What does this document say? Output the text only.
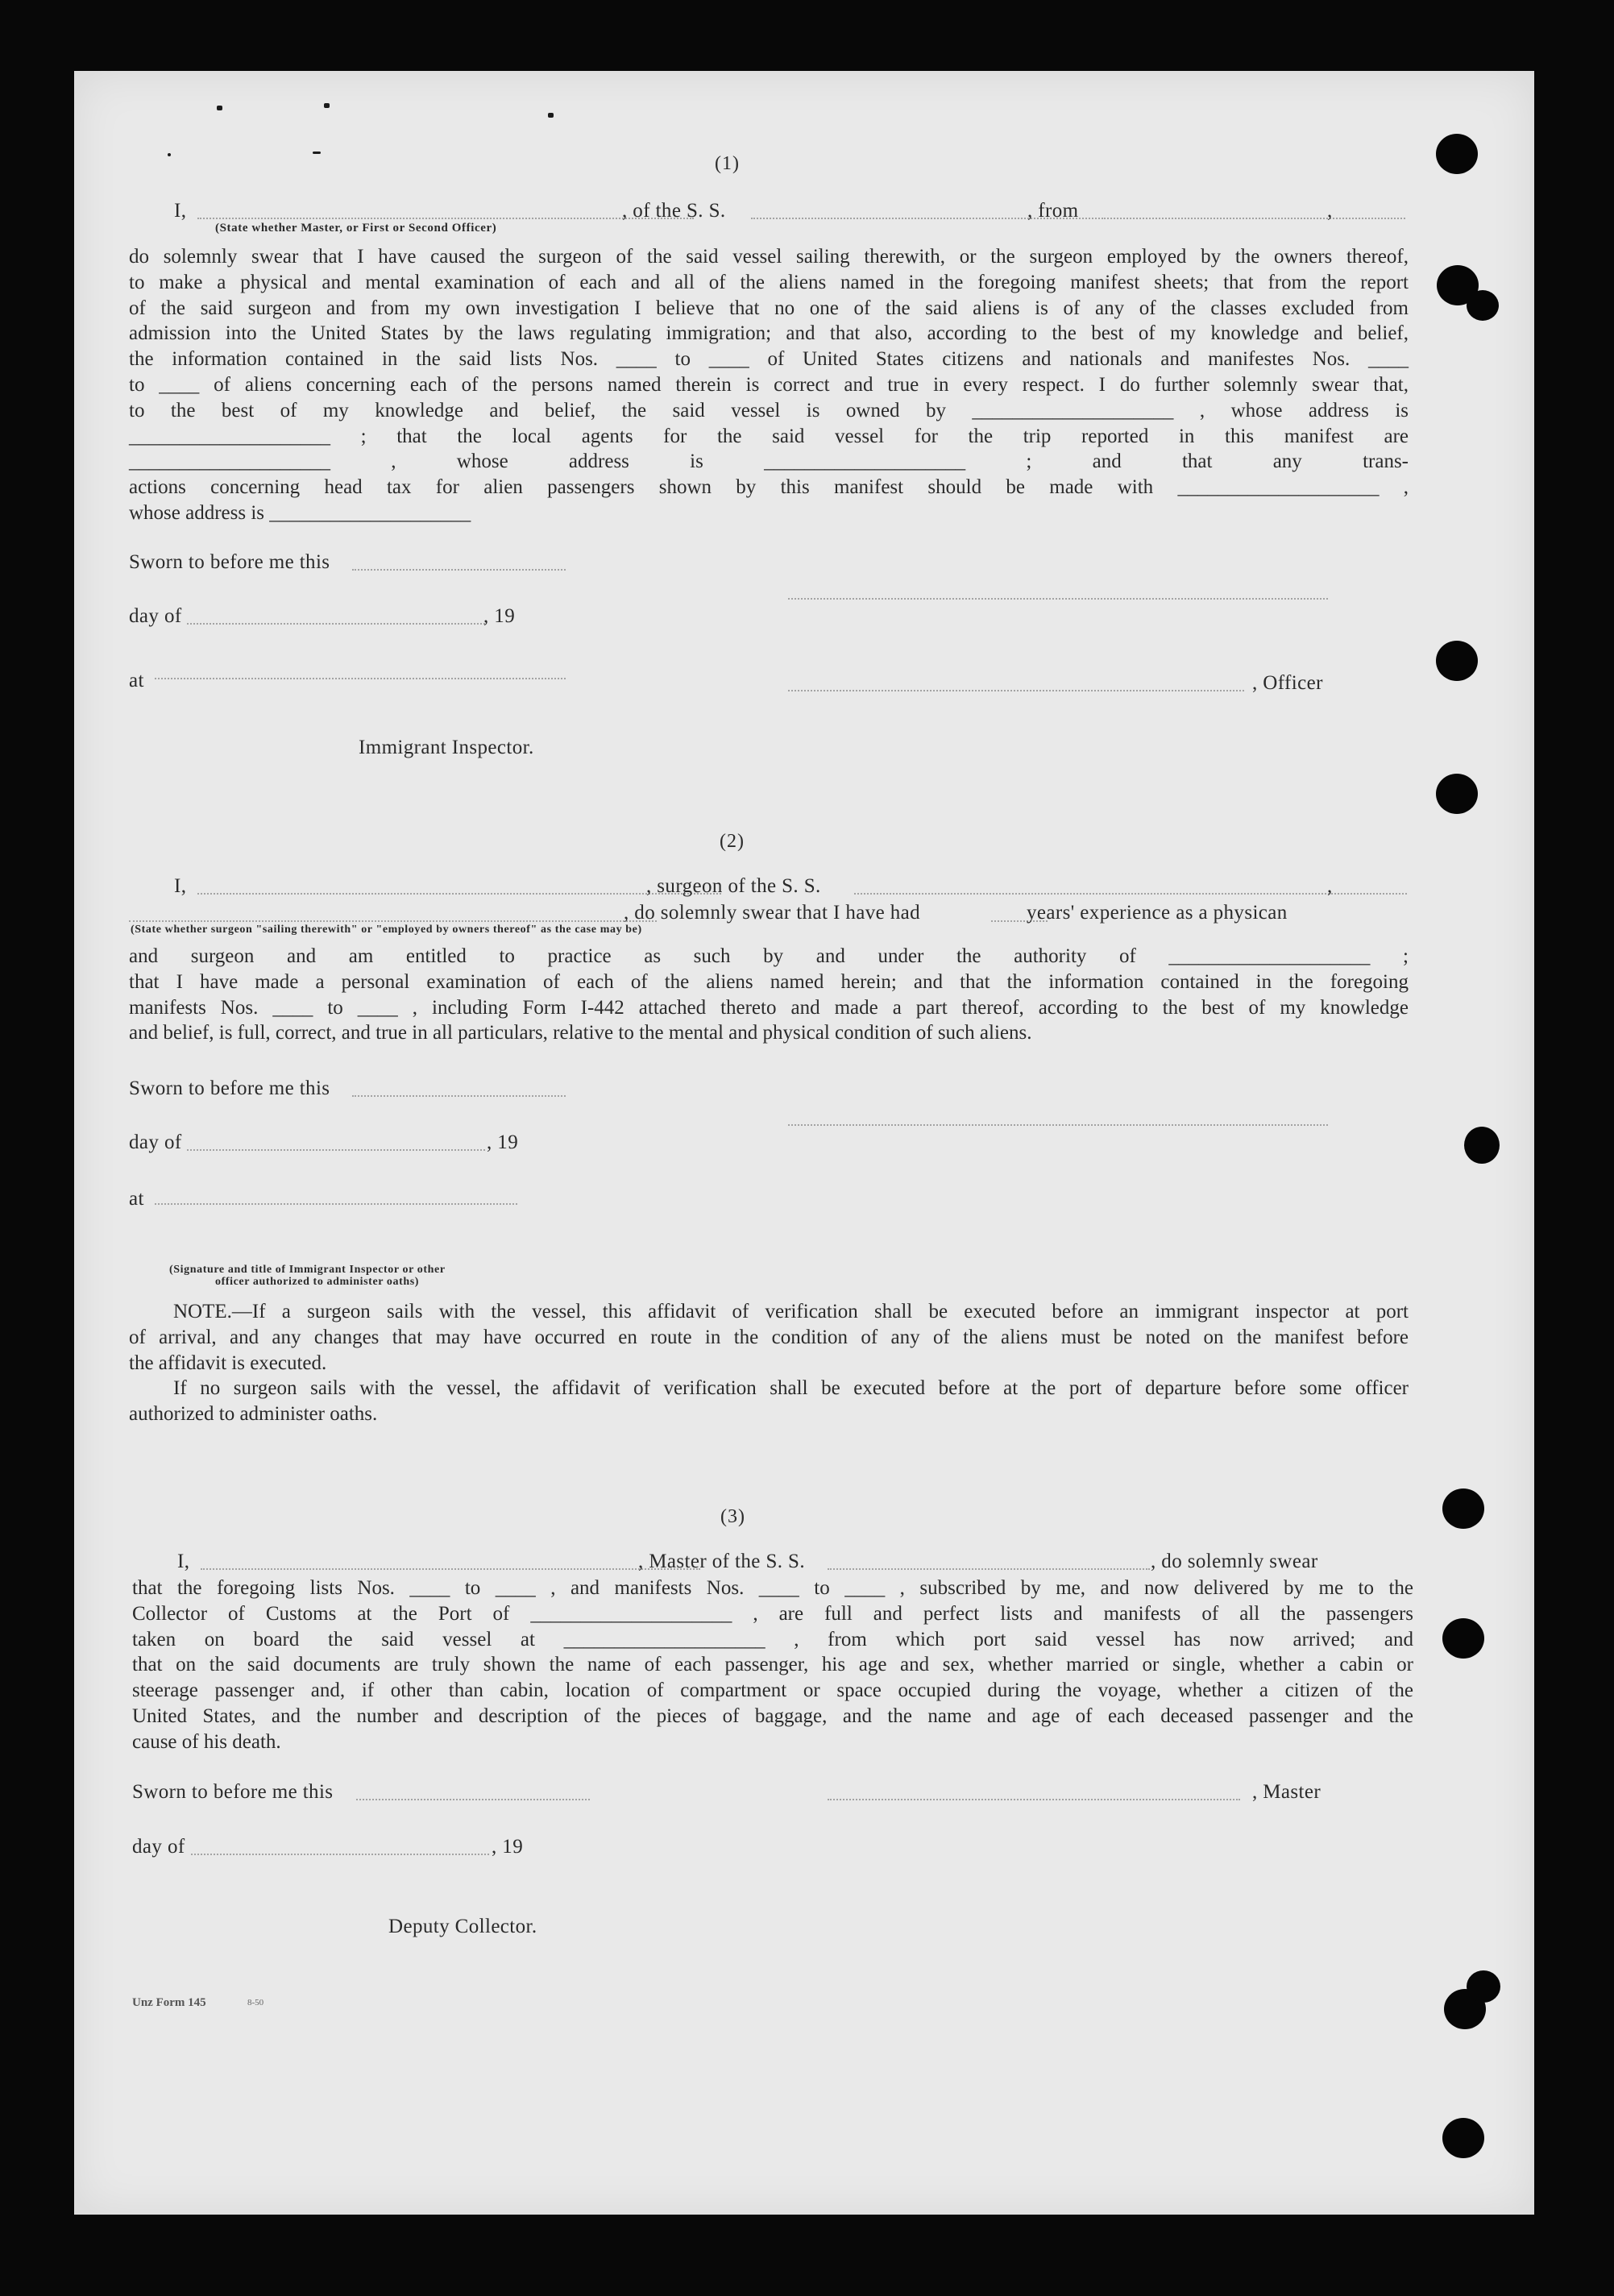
(1)
I,	, of the S. S.	, from	,
(State whether Master, or First or Second Officer)

do solemnly swear that I have caused the surgeon of the said vessel sailing therewith, or the surgeon employed by the owners thereof,

to make a physical and mental examination of each and all of the aliens named in the foregoing manifest sheets; that from the report

of the said surgeon and from my own investigation I believe that no one of the said aliens is of any of the classes excluded from

admission into the United States by the laws regulating immigration; and that also, according to the best of my knowledge and belief,

the information contained in the said lists Nos. ____ to ____ of United States citizens and nationals and manifestes Nos. ____

to ____ of aliens concerning each of the persons named therein is correct and true in every respect. I do further solemnly swear that,

to the best of my knowledge and belief, the said vessel is owned by ____________________ , whose address is

____________________ ; that the local agents for the said vessel for the trip reported in this manifest are

____________________ , whose address is ____________________ ; and that any trans-

actions concerning head tax for alien passengers shown by this manifest should be made with ____________________ ,

whose address is ____________________

Sworn to before me this
day of	, 19
at	, Officer
Immigrant Inspector.
(2)
I,	, surgeon of the S. S.	,
, do solemnly swear that I have had	years' experience as a physican
(State whether surgeon "sailing therewith" or "employed by owners thereof" as the case may be)

and surgeon and am entitled to practice as such by and under the authority of ____________________ ;

that I have made a personal examination of each of the aliens named herein; and that the information contained in the foregoing

manifests Nos. ____ to ____ , including Form I-442 attached thereto and made a part thereof, according to the best of my knowledge

and belief, is full, correct, and true in all particulars, relative to the mental and physical condition of such aliens.

Sworn to before me this
day of	, 19
at
(Signature and title of Immigrant Inspector or other
officer authorized to administer oaths)

NOTE.—If a surgeon sails with the vessel, this affidavit of verification shall be executed before an immigrant inspector at port

of arrival, and any changes that may have occurred en route in the condition of any of the aliens must be noted on the manifest before

the affidavit is executed.

If no surgeon sails with the vessel, the affidavit of verification shall be executed before at the port of departure before some officer

authorized to administer oaths.

(3)
I,	, Master of the S. S.	, do solemnly swear

that the foregoing lists Nos. ____ to ____ , and manifests Nos. ____ to ____ , subscribed by me, and now delivered by me to the

Collector of Customs at the Port of ____________________ , are full and perfect lists and manifests of all the passengers

taken on board the said vessel at ____________________ , from which port said vessel has now arrived; and

that on the said documents are truly shown the name of each passenger, his age and sex, whether married or single, whether a cabin or

steerage passenger and, if other than cabin, location of compartment or space occupied during the voyage, whether a citizen of the

United States, and the number and description of the pieces of baggage, and the name and age of each deceased passenger and the

cause of his death.

Sworn to before me this	, Master
day of	, 19
Deputy Collector.
Unz Form 145	8-50
